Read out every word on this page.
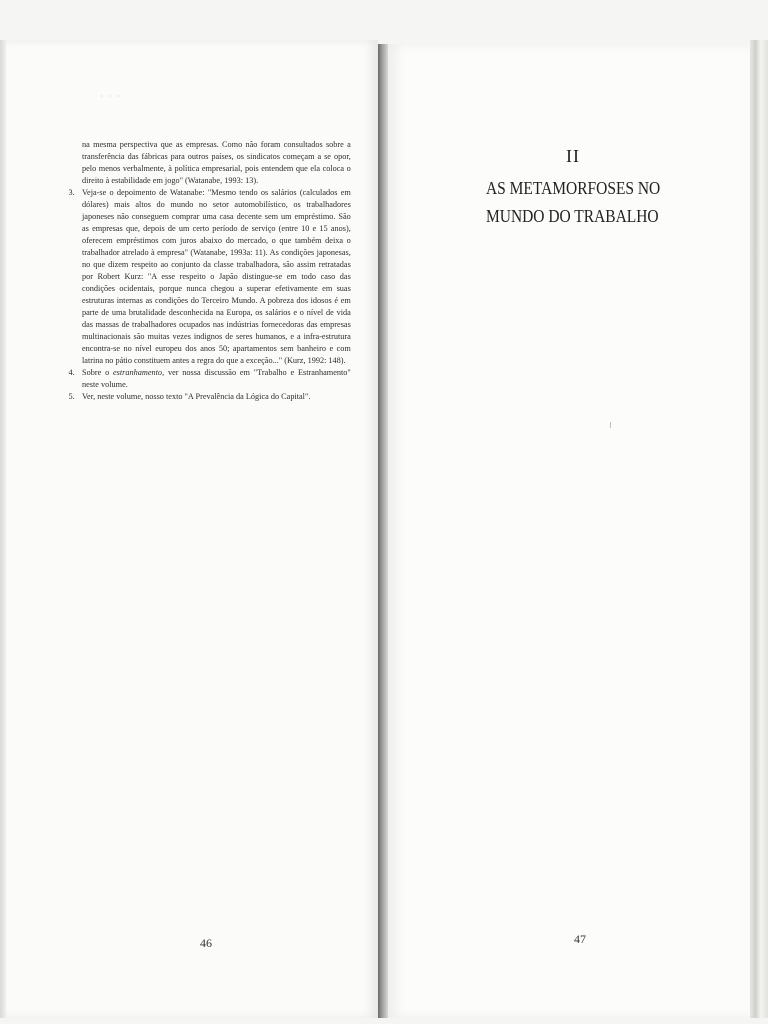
· · ·

na mesma perspectiva que as empresas. Como não foram consultados sobre a transferência das fábricas para outros países, os sindicatos começam a se opor, pelo menos verbalmente, à política empresarial, pois entendem que ela coloca o direito à estabilidade em jogo" (Watanabe, 1993: 13).

3. Veja-se o depoimento de Watanabe: "Mesmo tendo os salários (calculados em dólares) mais altos do mundo no setor automobilístico, os trabalhadores japoneses não conseguem comprar uma casa decente sem um empréstimo. São as empresas que, depois de um certo período de serviço (entre 10 e 15 anos), oferecem empréstimos com juros abaixo do mercado, o que também deixa o trabalhador atrelado à empresa" (Watanabe, 1993a: 11). As condições japonesas, no que dizem respeito ao conjunto da classe trabalhadora, são assim retratadas por Robert Kurz: "A esse respeito o Japão distingue-se em todo caso das condições ocidentais, porque nunca chegou a superar efetivamente em suas estruturas internas as condições do Terceiro Mundo. A pobreza dos idosos é em parte de uma brutalidade desconhecida na Europa, os salários e o nível de vida das massas de trabalhadores ocupados nas indústrias fornecedoras das empresas multinacionais são muitas vezes indignos de seres humanos, e a infra-estrutura encontra-se no nível europeu dos anos 50; apartamentos sem banheiro e com latrina no pátio constituem antes a regra do que a exceção..." (Kurz, 1992: 148).
4. Sobre o estranhamento, ver nossa discussão em "Trabalho e Estranhamento" neste volume.
5. Ver, neste volume, nosso texto "A Prevalência da Lógica do Capital".
46
II
AS METAMORFOSES NO
MUNDO DO TRABALHO
47
